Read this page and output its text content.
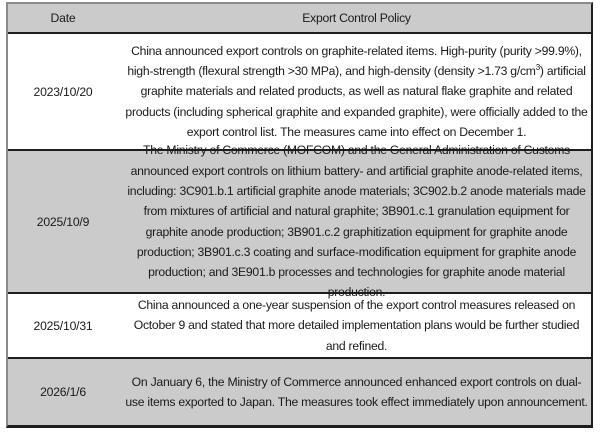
Date	Export Control Policy
2023/10/20
China announced export controls on graphite-related items. High-purity (purity >99.9%), high-strength (flexural strength >30 MPa), and high-density (density >1.73 $g/cm^3$) artificial graphite materials and related products, as well as natural flake graphite and related products (including spherical graphite and expanded graphite), were officially added to the export control list. The measures came into effect on December 1.
2025/10/9
The Ministry of Commerce (MOFCOM) and the General Administration of Customs announced export controls on lithium battery- and artificial graphite anode-related items, including: 3C901.b.1 artificial graphite anode materials; 3C902.b.2 anode materials made from mixtures of artificial and natural graphite; 3B901.c.1 granulation equipment for graphite anode production; 3B901.c.2 graphitization equipment for graphite anode production; 3B901.c.3 coating and surface-modification equipment for graphite anode production; and 3E901.b processes and technologies for graphite anode material production.
2025/10/31
China announced a one-year suspension of the export control measures released on October 9 and stated that more detailed implementation plans would be further studied and refined.
2026/1/6
On January 6, the Ministry of Commerce announced enhanced export controls on dual-use items exported to Japan. The measures took effect immediately upon announcement.
